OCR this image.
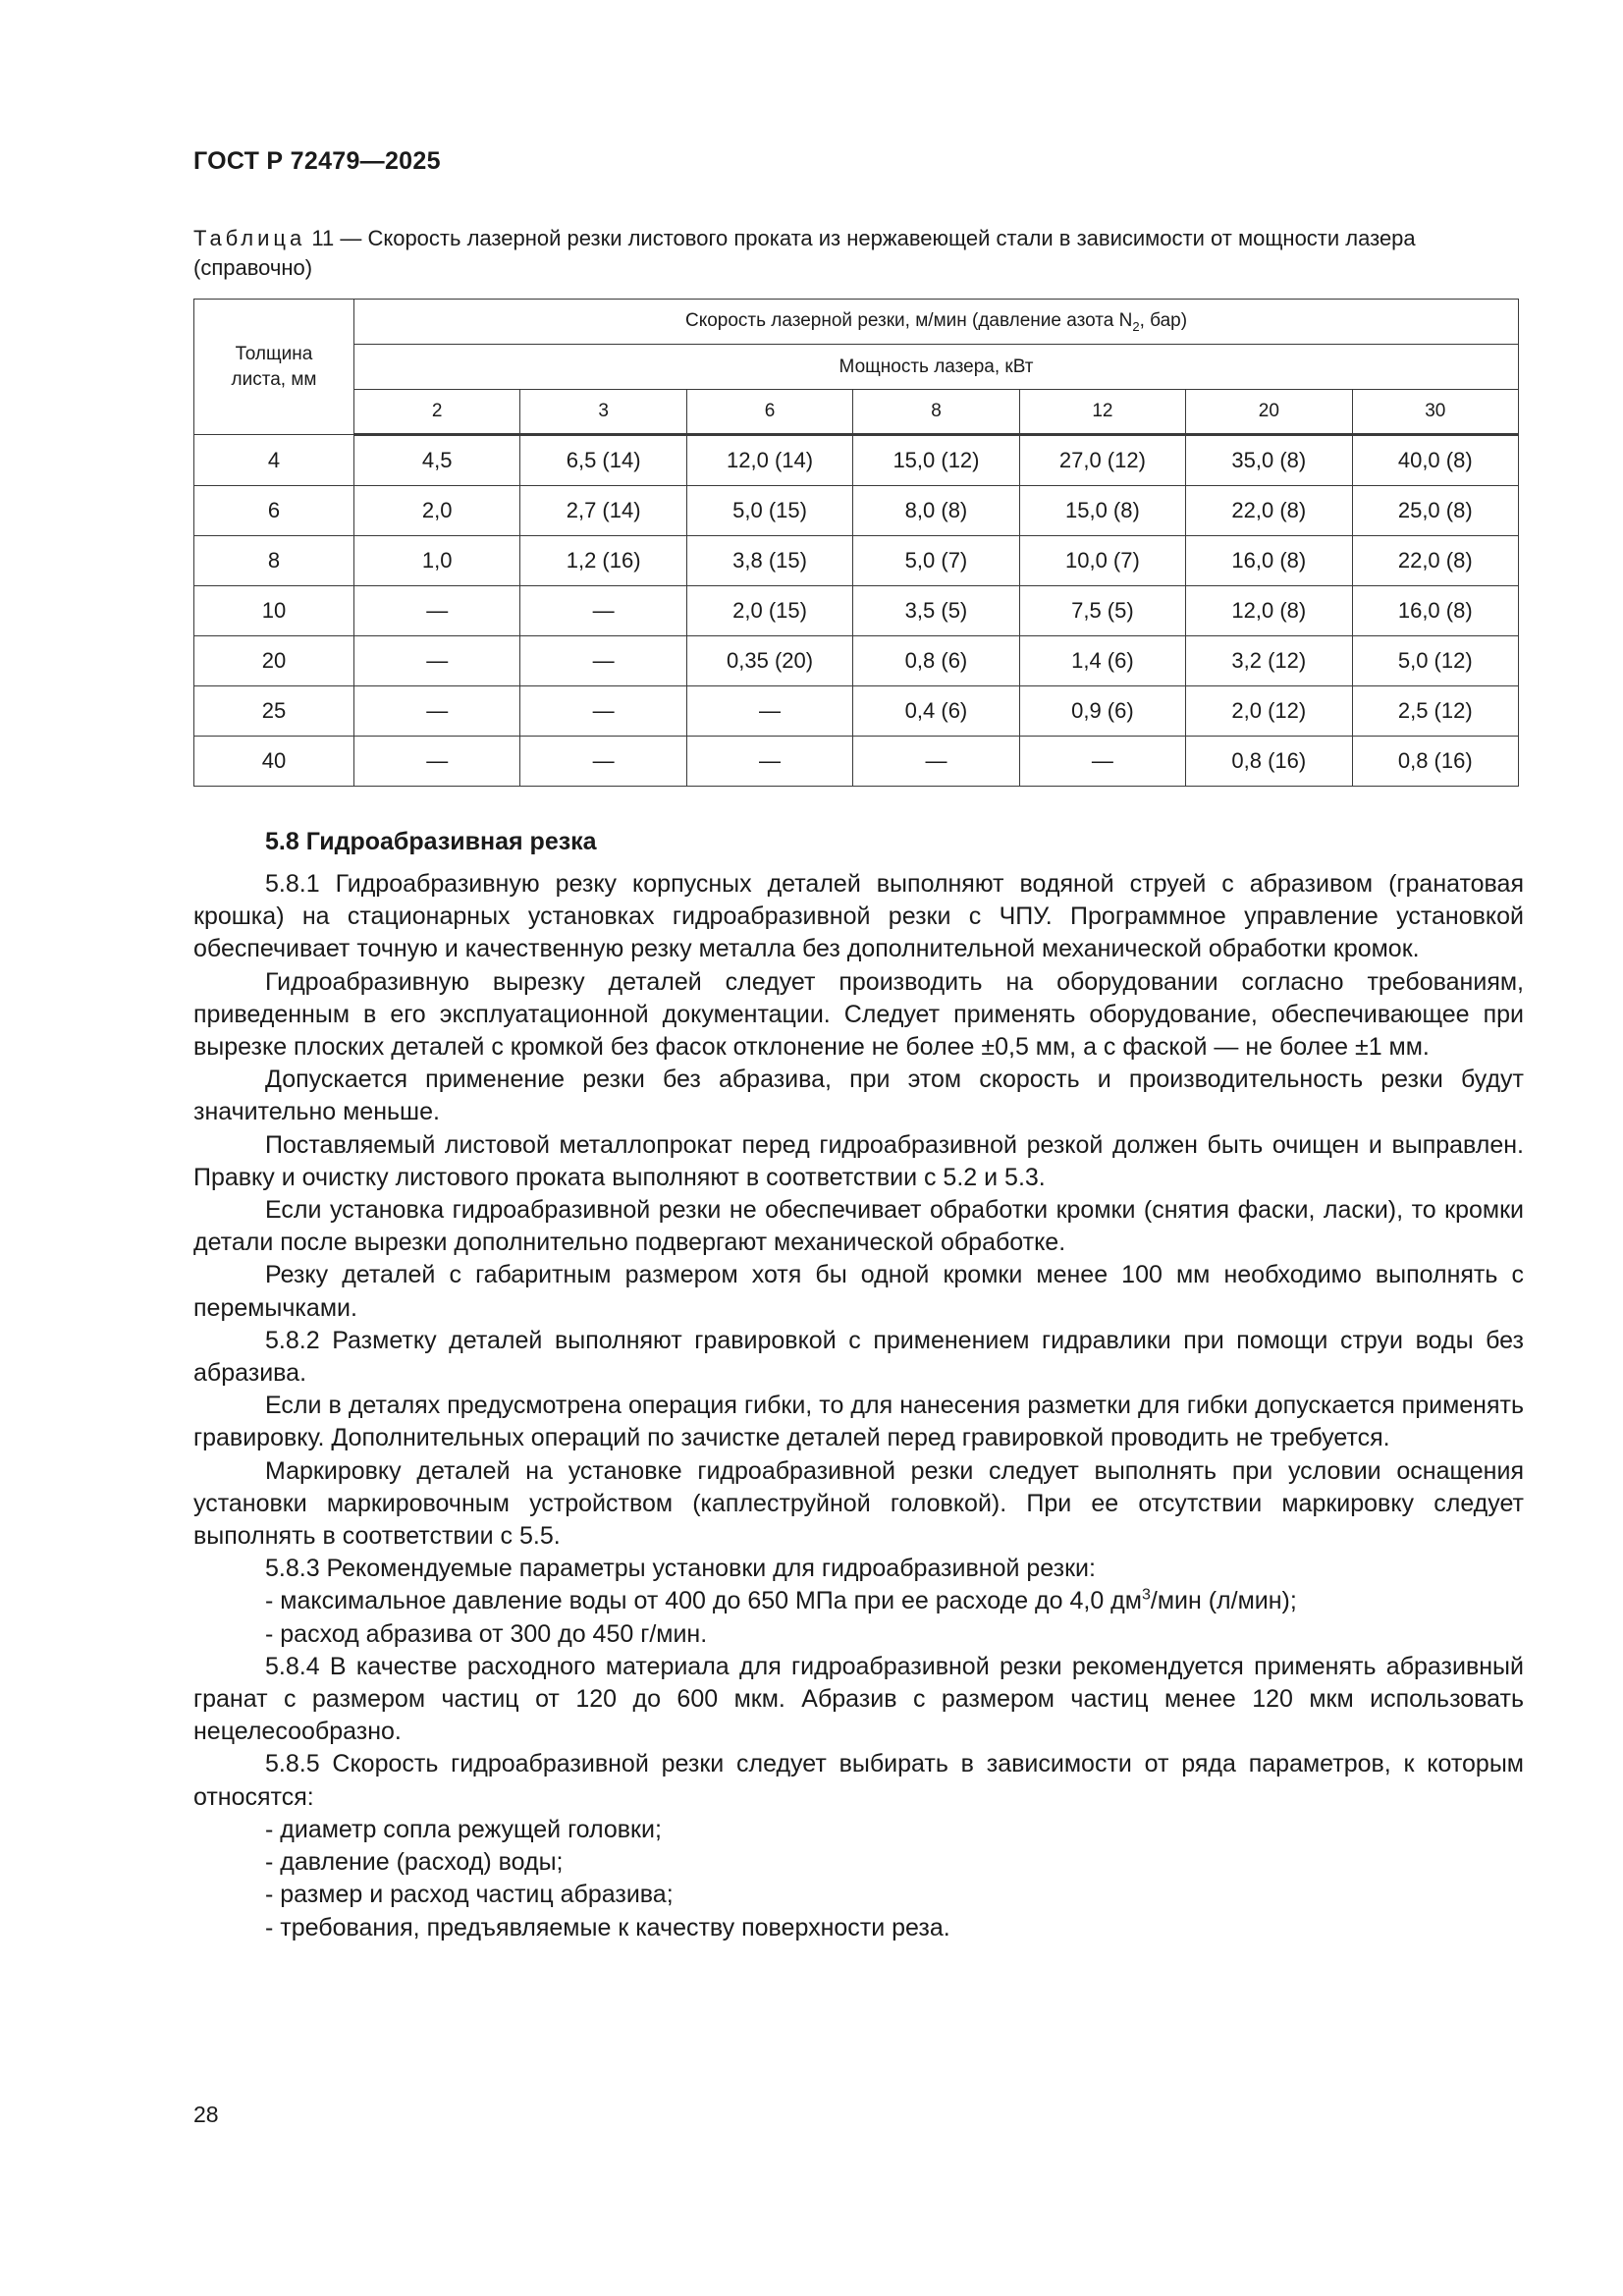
ГОСТ Р 72479—2025
Таблица 11 — Скорость лазерной резки листового проката из нержавеющей стали в зависимости от мощности лазера (справочно)
Толщина листа, мм	Скорость лазерной резки, м/мин (давление азота $N_2$, бар)						
	Мощность лазера, кВт						
	2	3	6	8	12	20	30
4	4,5	6,5 (14)	12,0 (14)	15,0 (12)	27,0 (12)	35,0 (8)	40,0 (8)
6	2,0	2,7 (14)	5,0 (15)	8,0 (8)	15,0 (8)	22,0 (8)	25,0 (8)
8	1,0	1,2 (16)	3,8 (15)	5,0 (7)	10,0 (7)	16,0 (8)	22,0 (8)
10	—	—	2,0 (15)	3,5 (5)	7,5 (5)	12,0 (8)	16,0 (8)
20	—	—	0,35 (20)	0,8 (6)	1,4 (6)	3,2 (12)	5,0 (12)
25	—	—	—	0,4 (6)	0,9 (6)	2,0 (12)	2,5 (12)
40	—	—	—	—	—	0,8 (16)	0,8 (16)
5.8 Гидроабразивная резка

5.8.1 Гидроабразивную резку корпусных деталей выполняют водяной струей с абразивом (гранатовая крошка) на стационарных установках гидроабразивной резки с ЧПУ. Программное управление установкой обеспечивает точную и качественную резку металла без дополнительной механической обработки кромок.

Гидроабразивную вырезку деталей следует производить на оборудовании согласно требованиям, приведенным в его эксплуатационной документации. Следует применять оборудование, обеспечивающее при вырезке плоских деталей с кромкой без фасок отклонение не более ±0,5 мм, а с фаской — не более ±1 мм.

Допускается применение резки без абразива, при этом скорость и производительность резки будут значительно меньше.

Поставляемый листовой металлопрокат перед гидроабразивной резкой должен быть очищен и выправлен. Правку и очистку листового проката выполняют в соответствии с 5.2 и 5.3.

Если установка гидроабразивной резки не обеспечивает обработки кромки (снятия фаски, ласки), то кромки детали после вырезки дополнительно подвергают механической обработке.

Резку деталей с габаритным размером хотя бы одной кромки менее 100 мм необходимо выполнять с перемычками.

5.8.2 Разметку деталей выполняют гравировкой с применением гидравлики при помощи струи воды без абразива.

Если в деталях предусмотрена операция гибки, то для нанесения разметки для гибки допускается применять гравировку. Дополнительных операций по зачистке деталей перед гравировкой проводить не требуется.

Маркировку деталей на установке гидроабразивной резки следует выполнять при условии оснащения установки маркировочным устройством (каплеструйной головкой). При ее отсутствии маркировку следует выполнять в соответствии с 5.5.

5.8.3 Рекомендуемые параметры установки для гидроабразивной резки:

- максимальное давление воды от 400 до 650 МПа при ее расходе до 4,0 $дм^3$/мин (л/мин);

- расход абразива от 300 до 450 г/мин.

5.8.4 В качестве расходного материала для гидроабразивной резки рекомендуется применять абразивный гранат с размером частиц от 120 до 600 мкм. Абразив с размером частиц менее 120 мкм использовать нецелесообразно.

5.8.5 Скорость гидроабразивной резки следует выбирать в зависимости от ряда параметров, к которым относятся:

- диаметр сопла режущей головки;

- давление (расход) воды;

- размер и расход частиц абразива;

- требования, предъявляемые к качеству поверхности реза.

28
